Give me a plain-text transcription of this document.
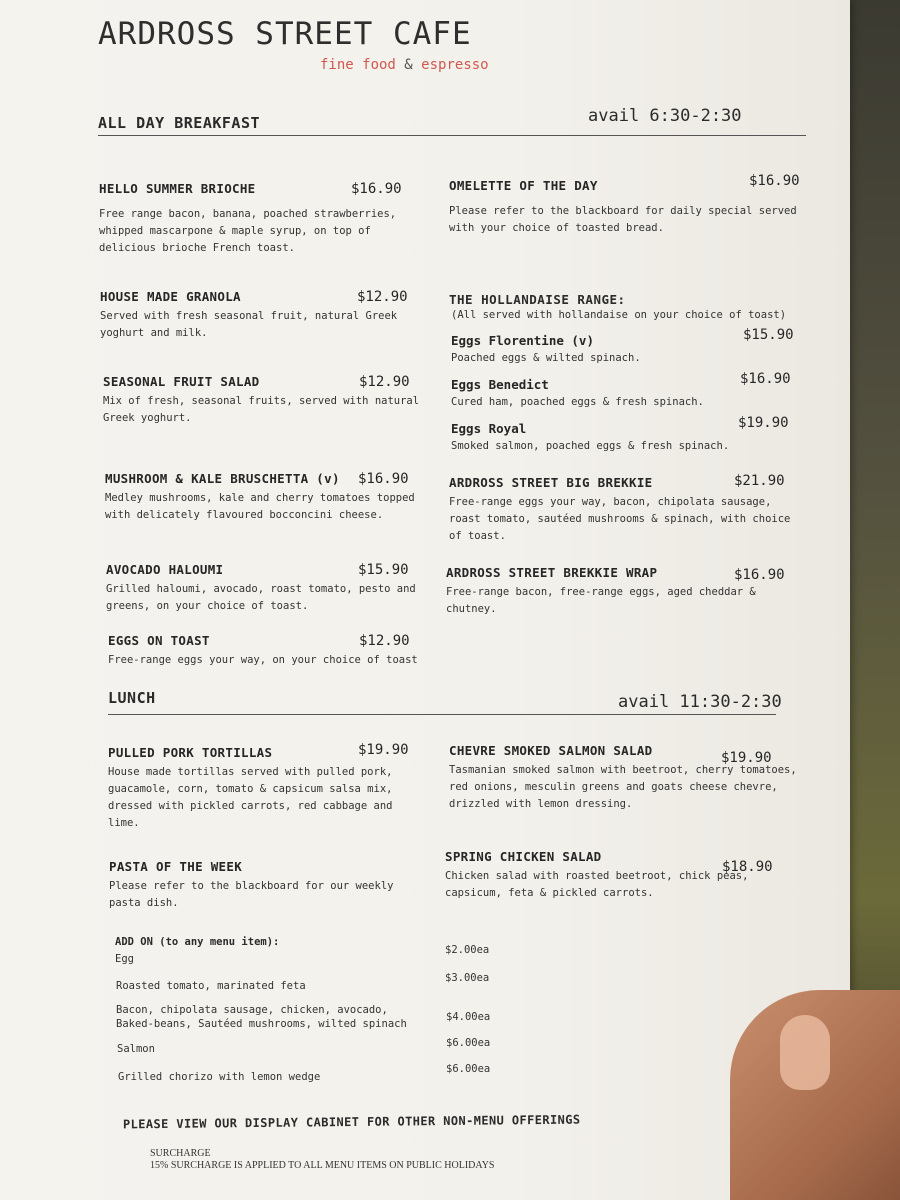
ARDROSS STREET CAFE
fine food & espresso
ALL DAY BREAKFAST	avail 6:30-2:30
HELLO SUMMER BRIOCHE	$16.90
Free range bacon, banana, poached strawberries, whipped mascarpone & maple syrup, on top of delicious brioche French toast.
HOUSE MADE GRANOLA	$12.90
Served with fresh seasonal fruit, natural Greek yoghurt and milk.
SEASONAL FRUIT SALAD	$12.90
Mix of fresh, seasonal fruits, served with natural Greek yoghurt.
MUSHROOM & KALE BRUSCHETTA (v)	$16.90
Medley mushrooms, kale and cherry tomatoes topped with delicately flavoured bocconcini cheese.
AVOCADO HALOUMI	$15.90
Grilled haloumi, avocado, roast tomato, pesto and greens, on your choice of toast.
EGGS ON TOAST	$12.90
Free-range eggs your way, on your choice of toast
OMELETTE OF THE DAY	$16.90
Please refer to the blackboard for daily special served with your choice of toasted bread.
THE HOLLANDAISE RANGE:
(All served with hollandaise on your choice of toast)
Eggs Florentine (v)	$15.90
Poached eggs & wilted spinach.
Eggs Benedict	$16.90
Cured ham, poached eggs & fresh spinach.
Eggs Royal	$19.90
Smoked salmon, poached eggs & fresh spinach.
ARDROSS STREET BIG BREKKIE	$21.90
Free-range eggs your way, bacon, chipolata sausage, roast tomato, sautéed mushrooms & spinach, with choice of toast.
ARDROSS STREET BREKKIE WRAP	$16.90
Free-range bacon, free-range eggs, aged cheddar & chutney.
LUNCH	avail 11:30-2:30
PULLED PORK TORTILLAS	$19.90
House made tortillas served with pulled pork, guacamole, corn, tomato & capsicum salsa mix, dressed with pickled carrots, red cabbage and lime.
PASTA OF THE WEEK
Please refer to the blackboard for our weekly pasta dish.
CHEVRE SMOKED SALMON SALAD	$19.90
Tasmanian smoked salmon with beetroot, cherry tomatoes, red onions, mesculin greens and goats cheese chevre, drizzled with lemon dressing.
SPRING CHICKEN SALAD
$18.90
Chicken salad with roasted beetroot, chick peas, capsicum, feta & pickled carrots.
ADD ON (to any menu item):
Egg
$2.00ea
Roasted tomato, marinated feta
$3.00ea
Bacon, chipolata sausage, chicken, avocado, Baked-beans, Sautéed mushrooms, wilted spinach
$4.00ea
Salmon	$6.00ea
Grilled chorizo with lemon wedge
$6.00ea
PLEASE VIEW OUR DISPLAY CABINET FOR OTHER NON-MENU OFFERINGS
SURCHARGE
15% SURCHARGE IS APPLIED TO ALL MENU ITEMS ON PUBLIC HOLIDAYS
